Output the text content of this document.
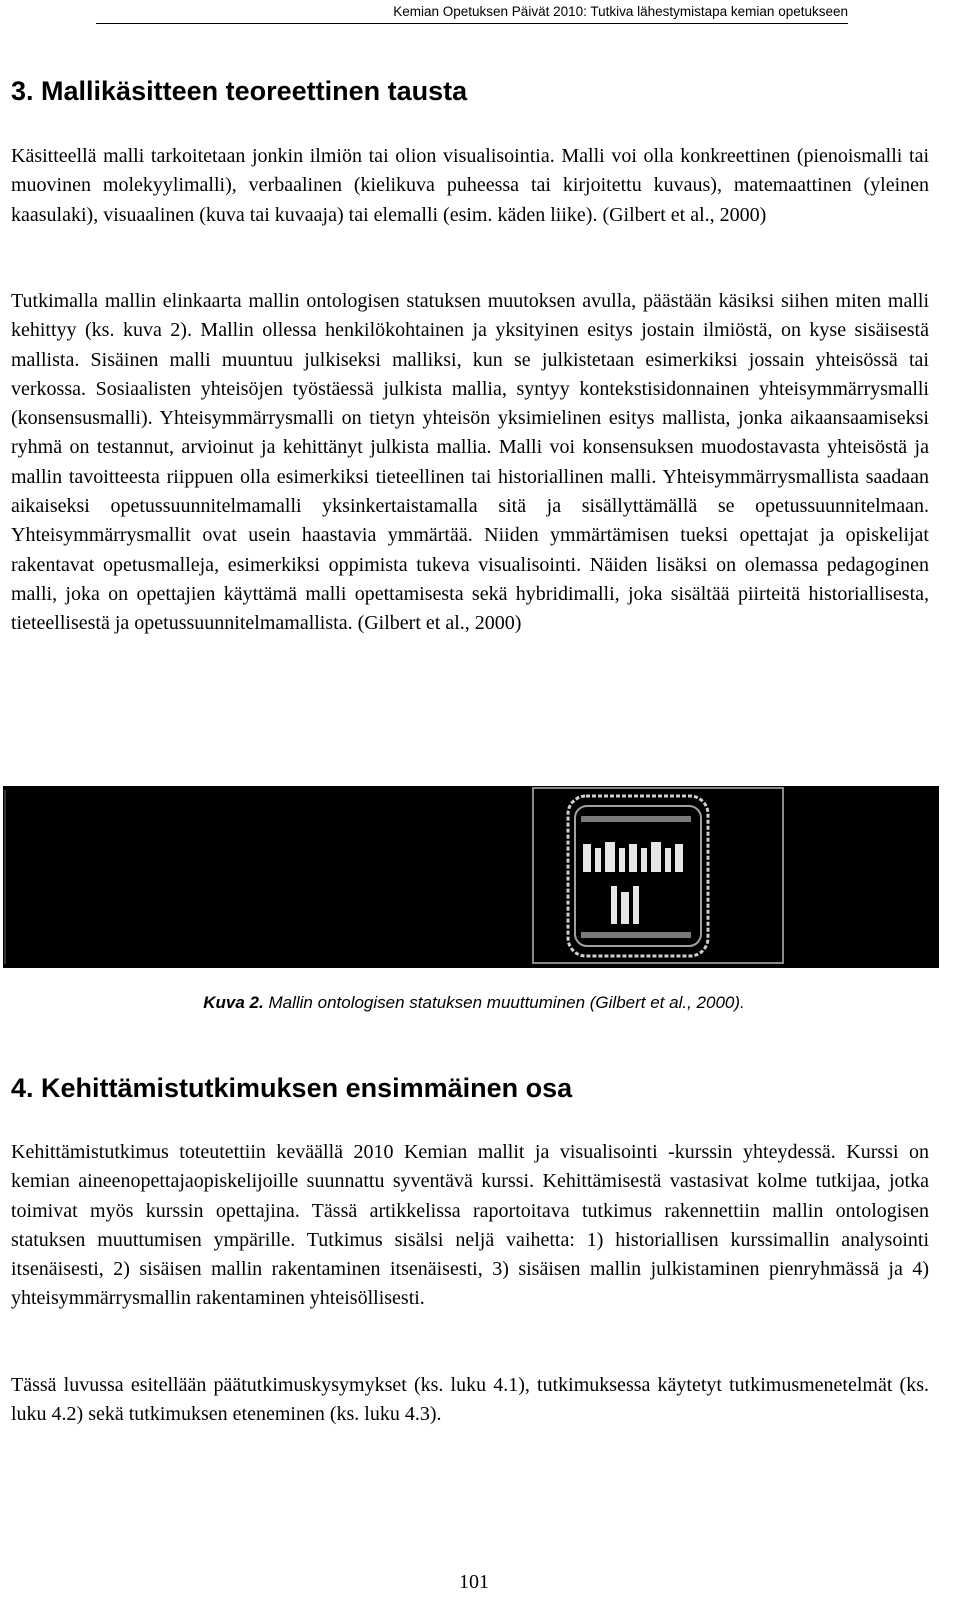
Kemian Opetuksen Päivät 2010: Tutkiva lähestymistapa kemian opetukseen
3. Mallikäsitteen teoreettinen tausta

Käsitteellä malli tarkoitetaan jonkin ilmiön tai olion visualisointia. Malli voi olla konkreettinen (pienoismalli tai muovinen molekyylimalli), verbaalinen (kielikuva puheessa tai kirjoitettu kuvaus), matemaattinen (yleinen kaasulaki), visuaalinen (kuva tai kuvaaja) tai elemalli (esim. käden liike). (Gilbert et al., 2000)

Tutkimalla mallin elinkaarta mallin ontologisen statuksen muutoksen avulla, päästään käsiksi siihen miten malli kehittyy (ks. kuva 2). Mallin ollessa henkilökohtainen ja yksityinen esitys jostain ilmiöstä, on kyse sisäisestä mallista. Sisäinen malli muuntuu julkiseksi malliksi, kun se julkistetaan esimerkiksi jossain yhteisössä tai verkossa. Sosiaalisten yhteisöjen työstäessä julkista mallia, syntyy kontekstisidonnainen yhteisymmärrysmalli (konsensusmalli). Yhteisymmärrysmalli on tietyn yhteisön yksimielinen esitys mallista, jonka aikaansaamiseksi ryhmä on testannut, arvioinut ja kehittänyt julkista mallia. Malli voi konsensuksen muodostavasta yhteisöstä ja mallin tavoitteesta riippuen olla esimerkiksi tieteellinen tai historiallinen malli. Yhteisymmärrysmallista saadaan aikaiseksi opetussuunnitelmamalli yksinkertaistamalla sitä ja sisällyttämällä se opetussuunnitelmaan. Yhteisymmärrysmallit ovat usein haastavia ymmärtää. Niiden ymmärtämisen tueksi opettajat ja opiskelijat rakentavat opetusmalleja, esimerkiksi oppimista tukeva visualisointi. Näiden lisäksi on olemassa pedagoginen malli, joka on opettajien käyttämä malli opettamisesta sekä hybridimalli, joka sisältää piirteitä historiallisesta, tieteellisestä ja opetussuunnitelmamallista. (Gilbert et al., 2000)

Kuva 2. Mallin ontologisen statuksen muuttuminen (Gilbert et al., 2000).
4. Kehittämistutkimuksen ensimmäinen osa

Kehittämistutkimus toteutettiin keväällä 2010 Kemian mallit ja visualisointi -kurssin yhteydessä. Kurssi on kemian aineenopettajaopiskelijoille suunnattu syventävä kurssi. Kehittämisestä vastasivat kolme tutkijaa, jotka toimivat myös kurssin opettajina. Tässä artikkelissa raportoitava tutkimus rakennettiin mallin ontologisen statuksen muuttumisen ympärille. Tutkimus sisälsi neljä vaihetta: 1) historiallisen kurssimallin analysointi itsenäisesti, 2) sisäisen mallin rakentaminen itsenäisesti, 3) sisäisen mallin julkistaminen pienryhmässä ja 4) yhteisymmärrysmallin rakentaminen yhteisöllisesti.

Tässä luvussa esitellään päätutkimuskysymykset (ks. luku 4.1), tutkimuksessa käytetyt tutkimusmenetelmät (ks. luku 4.2) sekä tutkimuksen eteneminen (ks. luku 4.3).

101
